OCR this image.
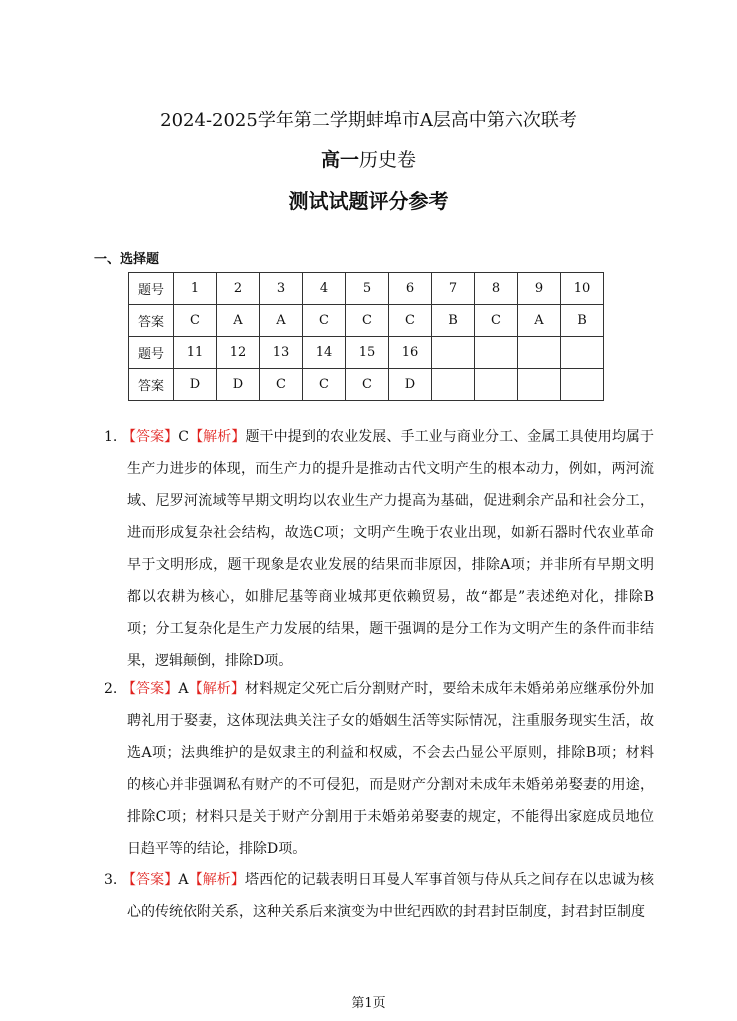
2024-2025学年第二学期蚌埠市A层高中第六次联考
高一历史卷
测试试题评分参考
一、选择题
题号	1	2	3	4	5	6	7	8	9	10
答案	C	A	A	C	C	C	B	C	A	B
题号	11	12	13	14	15	16				
答案	D	D	C	C	C	D				
1. 【答案】C【解析】题干中提到的农业发展、手工业与商业分工、金属工具使用均属于
生产力进步的体现，而生产力的提升是推动古代文明产生的根本动力，例如，两河流
域、尼罗河流域等早期文明均以农业生产力提高为基础，促进剩余产品和社会分工，
进而形成复杂社会结构，故选C项；文明产生晚于农业出现，如新石器时代农业革命
早于文明形成，题干现象是农业发展的结果而非原因，排除A项；并非所有早期文明
都以农耕为核心，如腓尼基等商业城邦更依赖贸易，故“都是”表述绝对化，排除B
项；分工复杂化是生产力发展的结果，题干强调的是分工作为文明产生的条件而非结
果，逻辑颠倒，排除D项。
2. 【答案】A【解析】材料规定父死亡后分割财产时，要给未成年未婚弟弟应继承份外加
聘礼用于娶妻，这体现法典关注子女的婚姻生活等实际情况，注重服务现实生活，故
选A项；法典维护的是奴隶主的利益和权威，不会去凸显公平原则，排除B项；材料
的核心并非强调私有财产的不可侵犯，而是财产分割对未成年未婚弟弟娶妻的用途，
排除C项；材料只是关于财产分割用于未婚弟弟娶妻的规定，不能得出家庭成员地位
日趋平等的结论，排除D项。
3. 【答案】A【解析】塔西佗的记载表明日耳曼人军事首领与侍从兵之间存在以忠诚为核
心的传统依附关系，这种关系后来演变为中世纪西欧的封君封臣制度，封君封臣制度
第1页
